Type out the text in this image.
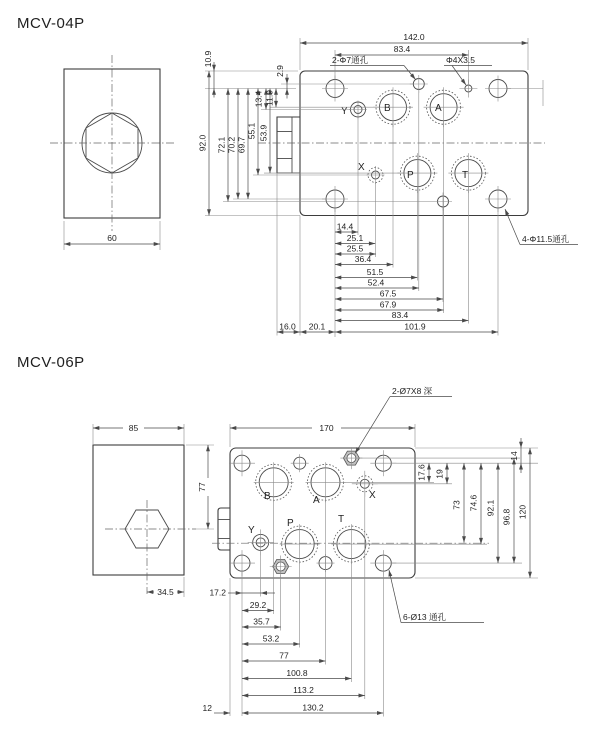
MCV-04P
60
B	A
P	T
X
Y
142.0
83.4
2-Φ7通孔	Φ4X3.5
4-Φ11.5通孔
92.0 72.1 70.2 69.7
55.1 53.9
13.4 11.9
10.9
2.9
14.4
25.1
25.5
36.4
51.5
52.4
67.5
67.9
83.4
101.9
20.1
16.0
MCV-06P
85
77
34.5
B	A
P	T
X
Y
170
2-Ø7X8 深
6-Ø13 通孔
14
17.6 19
73 74.6 92.1
96.8 120
17.2
29.2
35.7
53.2
77
100.8
113.2
130.2
12
